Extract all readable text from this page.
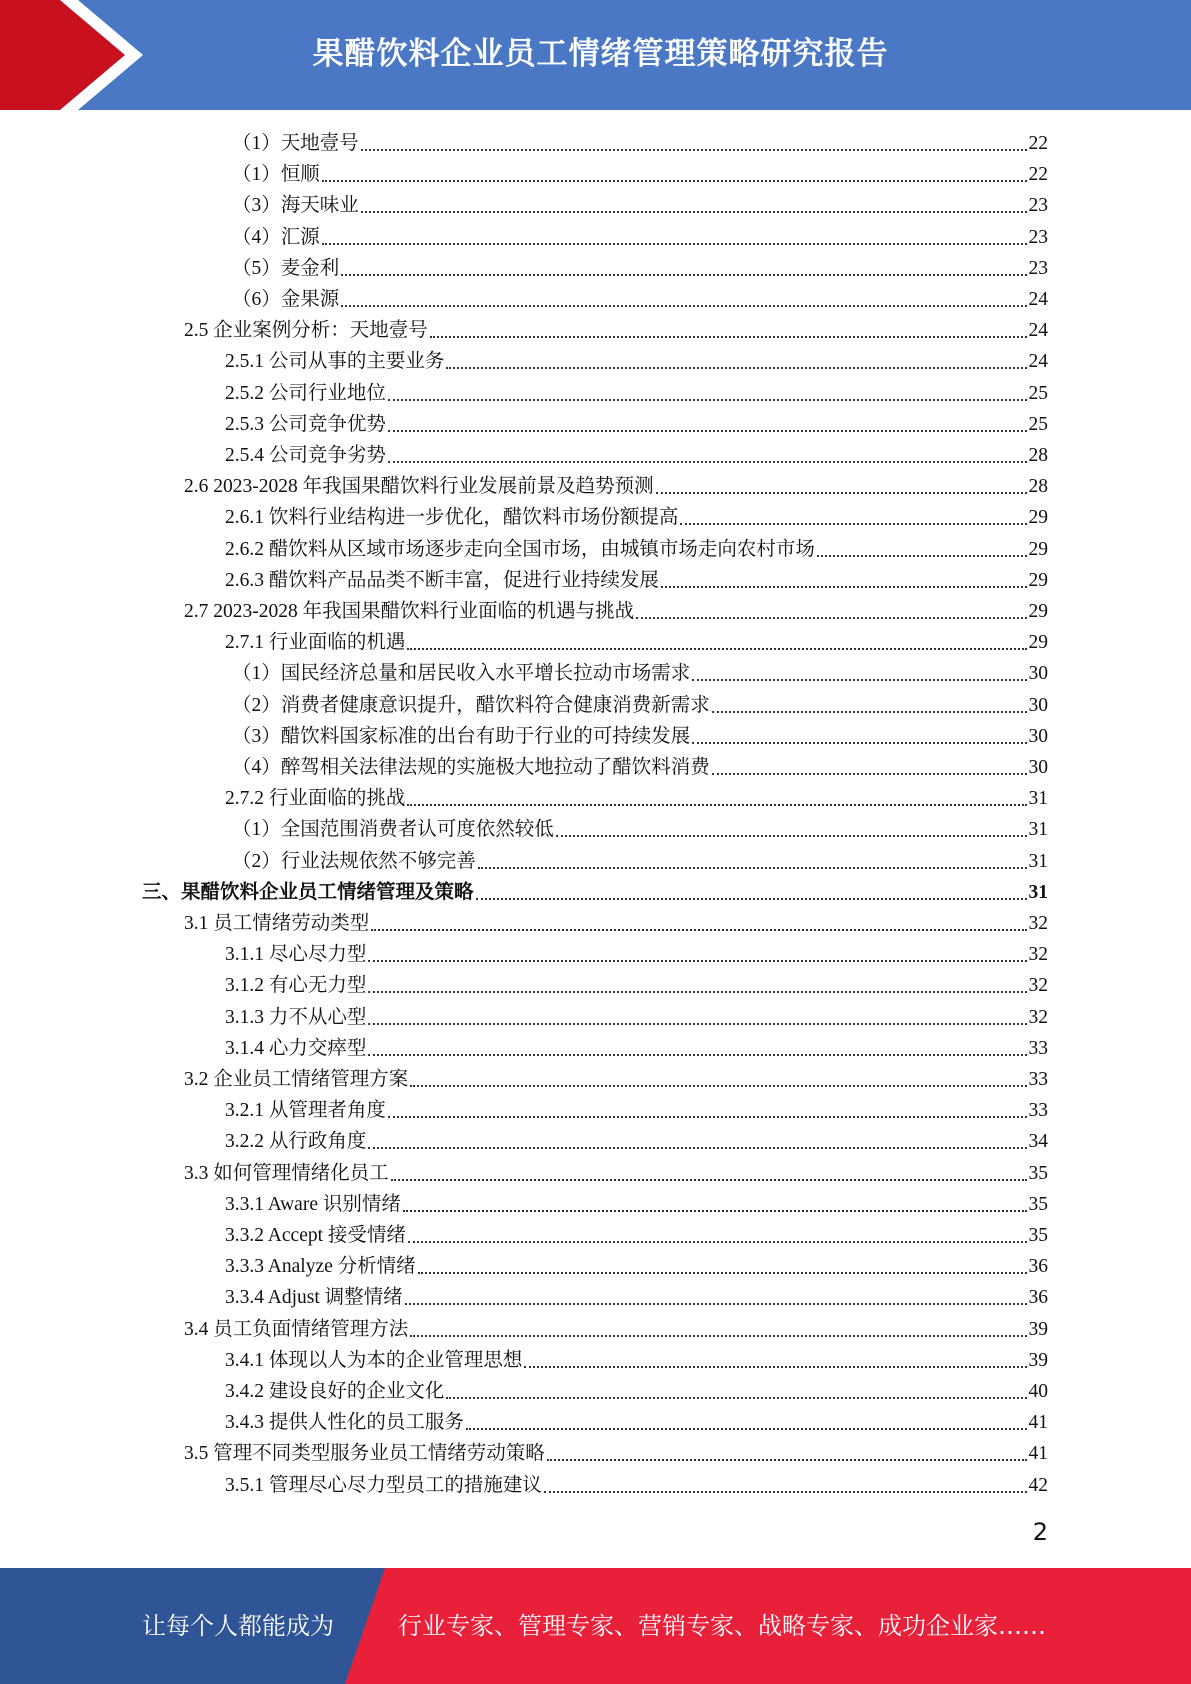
果醋饮料企业员工情绪管理策略研究报告
（1）天地壹号	22
（1）恒顺	22
（3）海天味业	23
（4）汇源	23
（5）麦金利	23
（6）金果源	24
2.5 企业案例分析：天地壹号	24
2.5.1 公司从事的主要业务	24
2.5.2 公司行业地位	25
2.5.3 公司竞争优势	25
2.5.4 公司竞争劣势	28
2.6 2023-2028 年我国果醋饮料行业发展前景及趋势预测	28
2.6.1 饮料行业结构进一步优化，醋饮料市场份额提高	29
2.6.2 醋饮料从区域市场逐步走向全国市场，由城镇市场走向农村市场	29
2.6.3 醋饮料产品品类不断丰富，促进行业持续发展	29
2.7 2023-2028 年我国果醋饮料行业面临的机遇与挑战	29
2.7.1 行业面临的机遇	29
（1）国民经济总量和居民收入水平增长拉动市场需求	30
（2）消费者健康意识提升，醋饮料符合健康消费新需求	30
（3）醋饮料国家标准的出台有助于行业的可持续发展	30
（4）醉驾相关法律法规的实施极大地拉动了醋饮料消费	30
2.7.2 行业面临的挑战	31
（1）全国范围消费者认可度依然较低	31
（2）行业法规依然不够完善	31
三、果醋饮料企业员工情绪管理及策略	31
3.1 员工情绪劳动类型	32
3.1.1 尽心尽力型	32
3.1.2 有心无力型	32
3.1.3 力不从心型	32
3.1.4 心力交瘁型	33
3.2 企业员工情绪管理方案	33
3.2.1 从管理者角度	33
3.2.2 从行政角度	34
3.3 如何管理情绪化员工	35
3.3.1 Aware 识别情绪	35
3.3.2 Accept 接受情绪	35
3.3.3 Analyze 分析情绪	36
3.3.4 Adjust 调整情绪	36
3.4 员工负面情绪管理方法	39
3.4.1 体现以人为本的企业管理思想	39
3.4.2 建设良好的企业文化	40
3.4.3 提供人性化的员工服务	41
3.5 管理不同类型服务业员工情绪劳动策略	41
3.5.1 管理尽心尽力型员工的措施建议	42
2
让每个人都能成为	行业专家、管理专家、营销专家、战略专家、成功企业家……
